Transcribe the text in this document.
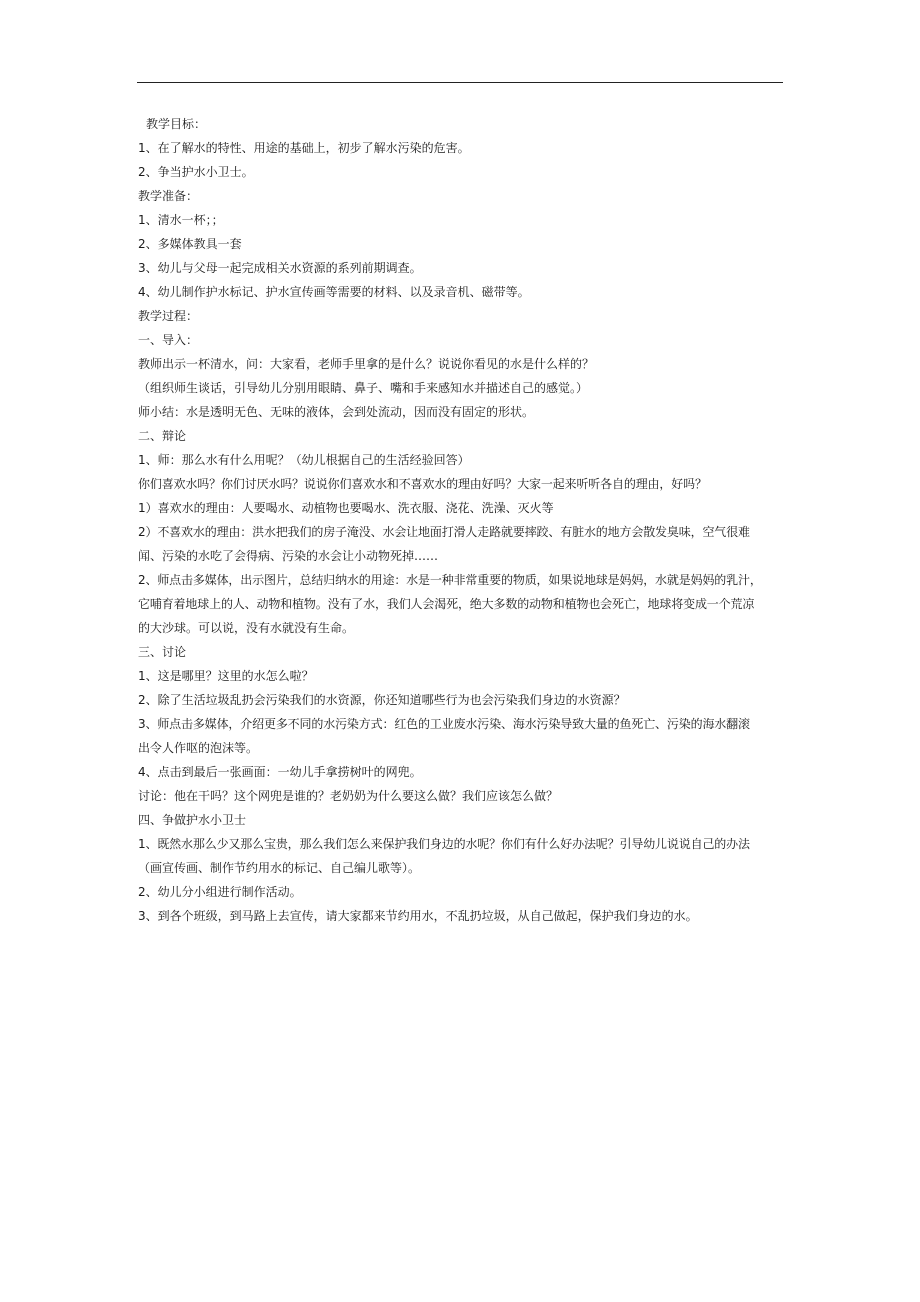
教学目标：
1、在了解水的特性、用途的基础上，初步了解水污染的危害。
2、争当护水小卫士。
教学准备：
1、清水一杯；；
2、多媒体教具一套
3、幼儿与父母一起完成相关水资源的系列前期调查。
4、幼儿制作护水标记、护水宣传画等需要的材料、以及录音机、磁带等。
教学过程：
一、导入：
教师出示一杯清水，问：大家看，老师手里拿的是什么？说说你看见的水是什么样的？
（组织师生谈话，引导幼儿分别用眼睛、鼻子、嘴和手来感知水并描述自己的感觉。）
师小结：水是透明无色、无味的液体，会到处流动，因而没有固定的形状。
二、辩论
1、师：那么水有什么用呢？（幼儿根据自己的生活经验回答）
你们喜欢水吗？你们讨厌水吗？说说你们喜欢水和不喜欢水的理由好吗？大家一起来听听各自的理由，好吗？
1）喜欢水的理由：人要喝水、动植物也要喝水、洗衣服、浇花、洗澡、灭火等
2）不喜欢水的理由：洪水把我们的房子淹没、水会让地面打滑人走路就要摔跤、有脏水的地方会散发臭味，空气很难
闻、污染的水吃了会得病、污染的水会让小动物死掉……
2、师点击多媒体，出示图片，总结归纳水的用途：水是一种非常重要的物质，如果说地球是妈妈，水就是妈妈的乳汁，
它哺育着地球上的人、动物和植物。没有了水，我们人会渴死，绝大多数的动物和植物也会死亡，地球将变成一个荒凉
的大沙球。可以说，没有水就没有生命。
三、讨论
1、这是哪里？这里的水怎么啦？
2、除了生活垃圾乱扔会污染我们的水资源，你还知道哪些行为也会污染我们身边的水资源？
3、师点击多媒体，介绍更多不同的水污染方式：红色的工业废水污染、海水污染导致大量的鱼死亡、污染的海水翻滚
出令人作呕的泡沫等。
4、点击到最后一张画面：一幼儿手拿捞树叶的网兜。
讨论：他在干吗？这个网兜是谁的？老奶奶为什么要这么做？我们应该怎么做？
四、争做护水小卫士
1、既然水那么少又那么宝贵，那么我们怎么来保护我们身边的水呢？你们有什么好办法呢？引导幼儿说说自己的办法
（画宣传画、制作节约用水的标记、自己编儿歌等）。
2、幼儿分小组进行制作活动。
3、到各个班级，到马路上去宣传，请大家都来节约用水，不乱扔垃圾，从自己做起，保护我们身边的水。
